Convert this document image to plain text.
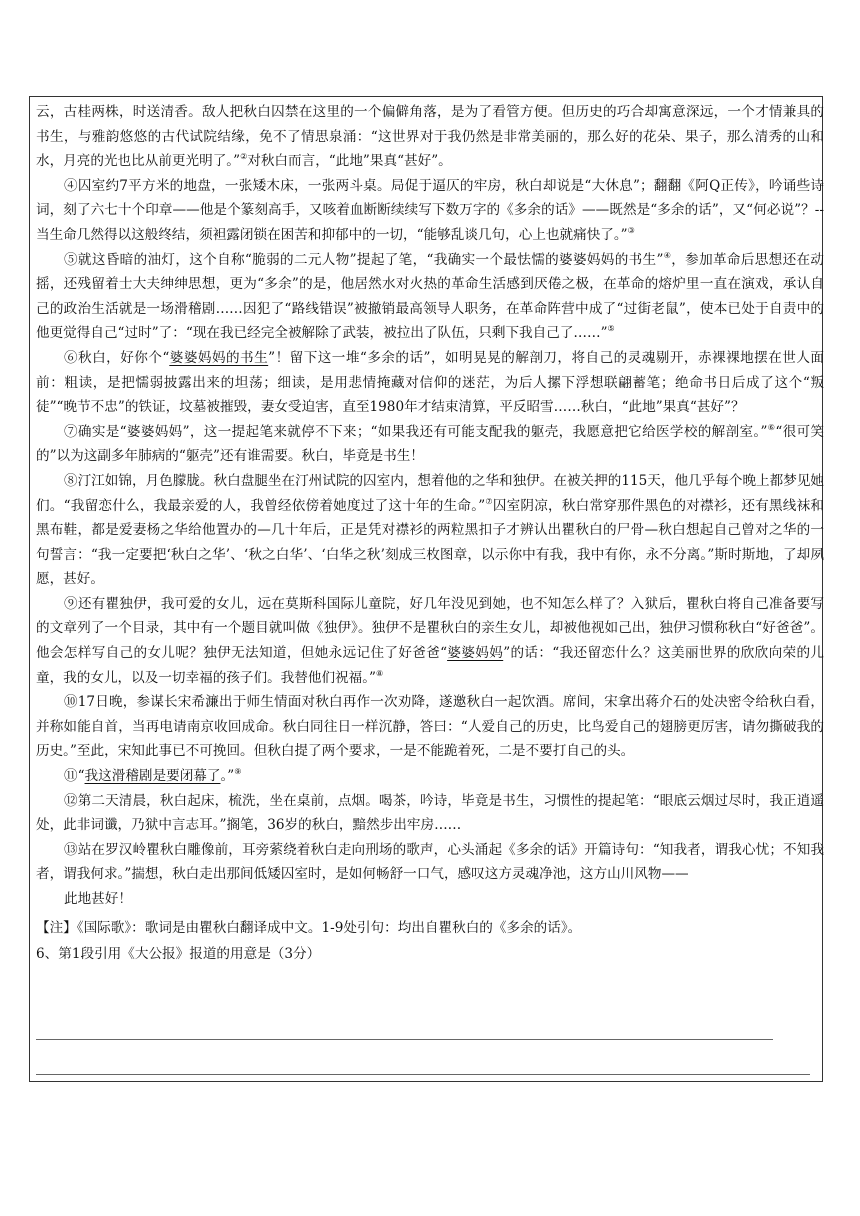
云，古桂两株，时送清香。敌人把秋白囚禁在这里的一个偏僻角落，是为了看管方便。但历史的巧合却寓意深远，一个才情兼具的书生，与雅韵悠悠的古代试院结缘，免不了情思泉涌：“这世界对于我仍然是非常美丽的，那么好的花朵、果子，那么清秀的山和水，月亮的光也比从前更光明了。”②对秋白而言，“此地”果真“甚好”。

④囚室约7平方米的地盘，一张矮木床，一张两斗桌。局促于逼仄的牢房，秋白却说是“大休息”；翻翻《阿Q正传》，吟诵些诗词，刻了六七十个印章——他是个篆刻高手，又咳着血断断续续写下数万字的《多余的话》——既然是“多余的话”，又“何必说”？--当生命几然得以这般终结，须袒露闭锁在困苦和抑郁中的一切，“能够乱谈几句，心上也就痛快了。”③

⑤就这昏暗的油灯，这个自称“脆弱的二元人物”提起了笔，“我确实一个最怯懦的婆婆妈妈的书生”④，参加革命后思想还在动摇，还残留着士大夫绅绅思想，更为“多余”的是，他居然水对火热的革命生活感到厌倦之极，在革命的熔炉里一直在演戏，承认自己的政治生活就是一场滑稽剧……因犯了“路线错误”被撤销最高领导人职务，在革命阵营中成了“过街老鼠”，使本已处于自责中的他更觉得自己“过时”了：“现在我已经完全被解除了武装，被拉出了队伍，只剩下我自己了……”⑤

⑥秋白，好你个“婆婆妈妈的书生”！留下这一堆“多余的话”，如明晃晃的解剖刀，将自己的灵魂剔开，赤裸裸地摆在世人面前：粗读，是把懦弱披露出来的坦荡；细读，是用悲情掩藏对信仰的迷茫，为后人摞下浮想联翩蓄笔；绝命书日后成了这个“叛徒”“晚节不忠”的铁证，坟墓被摧毁，妻女受迫害，直至1980年才结束清算，平反昭雪……秋白，“此地”果真“甚好”？

⑦确实是“婆婆妈妈”，这一提起笔来就停不下来；“如果我还有可能支配我的躯壳，我愿意把它给医学校的解剖室。”⑥“很可笑的”以为这副多年肺病的“躯壳”还有谁需要。秋白，毕竟是书生！

⑧汀江如锦，月色朦胧。秋白盘腿坐在汀州试院的囚室内，想着他的之华和独伊。在被关押的115天，他几乎每个晚上都梦见她们。“我留恋什么，我最亲爱的人，我曾经依傍着她度过了这十年的生命。”⑦囚室阴凉，秋白常穿那件黑色的对襟衫，还有黑线袜和黑布鞋，都是爱妻杨之华给他置办的—几十年后，正是凭对襟衫的两粒黑扣子才辨认出瞿秋白的尸骨—秋白想起自己曾对之华的一句誓言：“我一定要把‘秋白之华’、‘秋之白华’、‘白华之秋’刻成三枚图章，以示你中有我，我中有你，永不分离。”斯时斯地，了却夙愿，甚好。

⑨还有瞿独伊，我可爱的女儿，远在莫斯科国际儿童院，好几年没见到她，也不知怎么样了？入狱后，瞿秋白将自己准备要写的文章列了一个目录，其中有一个题目就叫做《独伊》。独伊不是瞿秋白的亲生女儿，却被他视如己出，独伊习惯称秋白“好爸爸”。他会怎样写自己的女儿呢？独伊无法知道，但她永远记住了好爸爸“婆婆妈妈”的话：“我还留恋什么？这美丽世界的欣欣向荣的儿童，我的女儿，以及一切幸福的孩子们。我替他们祝福。”⑧

⑩17日晚，参谋长宋希濂出于师生情面对秋白再作一次劝降，遂邀秋白一起饮酒。席间，宋拿出蒋介石的处决密令给秋白看，并称如能自首，当再电请南京收回成命。秋白同往日一样沉静，答曰：“人爱自己的历史，比鸟爱自己的翅膀更厉害，请勿撕破我的历史。”至此，宋知此事已不可挽回。但秋白提了两个要求，一是不能跪着死，二是不要打自己的头。

⑪“我这滑稽剧是要闭幕了。”⑨

⑫第二天清晨，秋白起床，梳洗，坐在桌前，点烟。喝茶，吟诗，毕竟是书生，习惯性的提起笔：“眼底云烟过尽时，我正逍遥处，此非词谶，乃狱中言志耳。”搁笔，36岁的秋白，黯然步出牢房……

⑬站在罗汉岭瞿秋白雕像前，耳旁萦绕着秋白走向刑场的歌声，心头涌起《多余的话》开篇诗句：“知我者，谓我心忧；不知我者，谓我何求。”揣想，秋白走出那间低矮囚室时，是如何畅舒一口气，感叹这方灵魂净池，这方山川风物——

此地甚好！

【注】《国际歌》：歌词是由瞿秋白翻译成中文。1-9处引句：均出自瞿秋白的《多余的话》。

6、第1段引用《大公报》报道的用意是（3分）
